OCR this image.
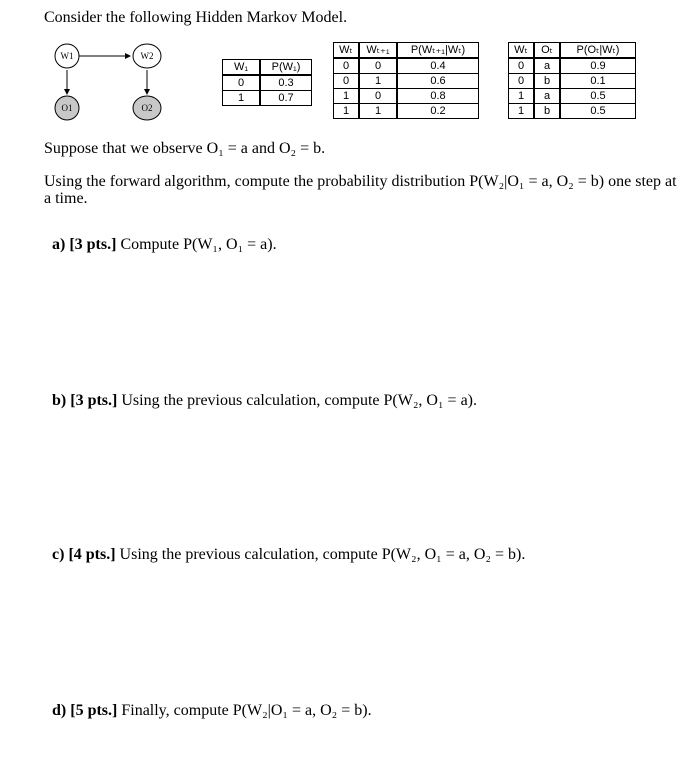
Consider the following Hidden Markov Model.
W1	W2
O1	O2
W₁	P(W₁)
0	0.3
1	0.7
Wₜ	Wₜ₊₁	P(Wₜ₊₁|Wₜ)
0	0	0.4
0	1	0.6
1	0	0.8
1	1	0.2
Wₜ	Oₜ	P(Oₜ|Wₜ)
0	a	0.9
0	b	0.1
1	a	0.5
1	b	0.5
Suppose that we observe O₁ = a and O₂ = b.
Using the forward algorithm, compute the probability distribution P(W₂|O₁ = a, O₂ = b) one step at a time.
a) [3 pts.] Compute P(W₁, O₁ = a).
b) [3 pts.] Using the previous calculation, compute P(W₂, O₁ = a).
c) [4 pts.] Using the previous calculation, compute P(W₂, O₁ = a, O₂ = b).
d) [5 pts.] Finally, compute P(W₂|O₁ = a, O₂ = b).
